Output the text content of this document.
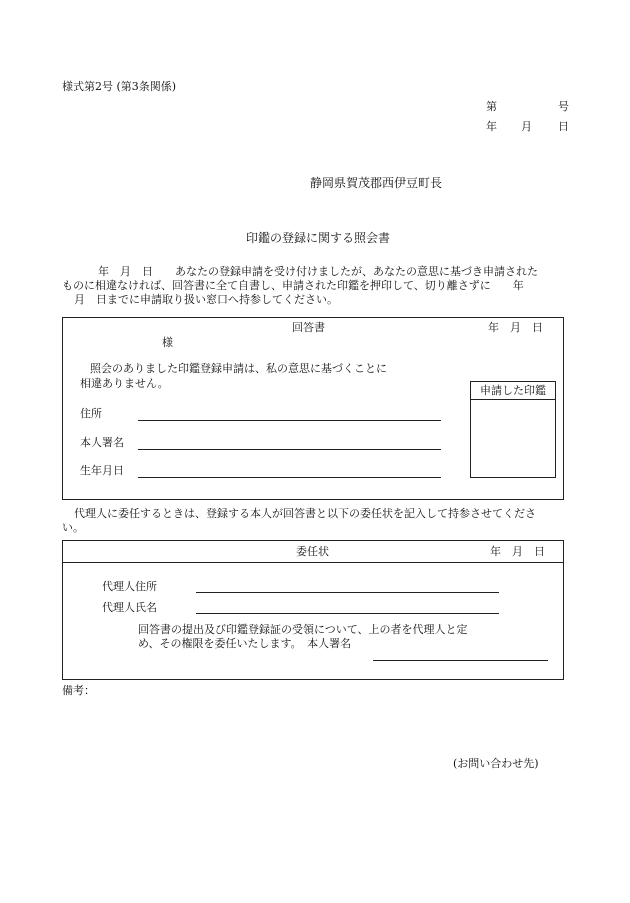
様式第2号 (第3条関係)
第	号
年 月 日
静岡県賀茂郡西伊豆町長
印鑑の登録に関する照会書
年　月　日　　あなたの登録申請を受け付けましたが、あなたの意思に基づき申請された
ものに相違なければ、回答書に全て自書し、申請された印鑑を押印して、切り離さずに　　年
月　日までに申請取り扱い窓口へ持参してください。
回答書	年　月　日
様
照会のありました印鑑登録申請は、私の意思に基づくことに
相違ありません。
住所
本人署名
生年月日
申請した印鑑
代理人に委任するときは、登録する本人が回答書と以下の委任状を記入して持参させてくださ
い。
委任状	年　月　日
代理人住所
代理人氏名
回答書の提出及び印鑑登録証の受領について、上の者を代理人と定
め、その権限を委任いたします。　本人署名
備考：
(お問い合わせ先)
